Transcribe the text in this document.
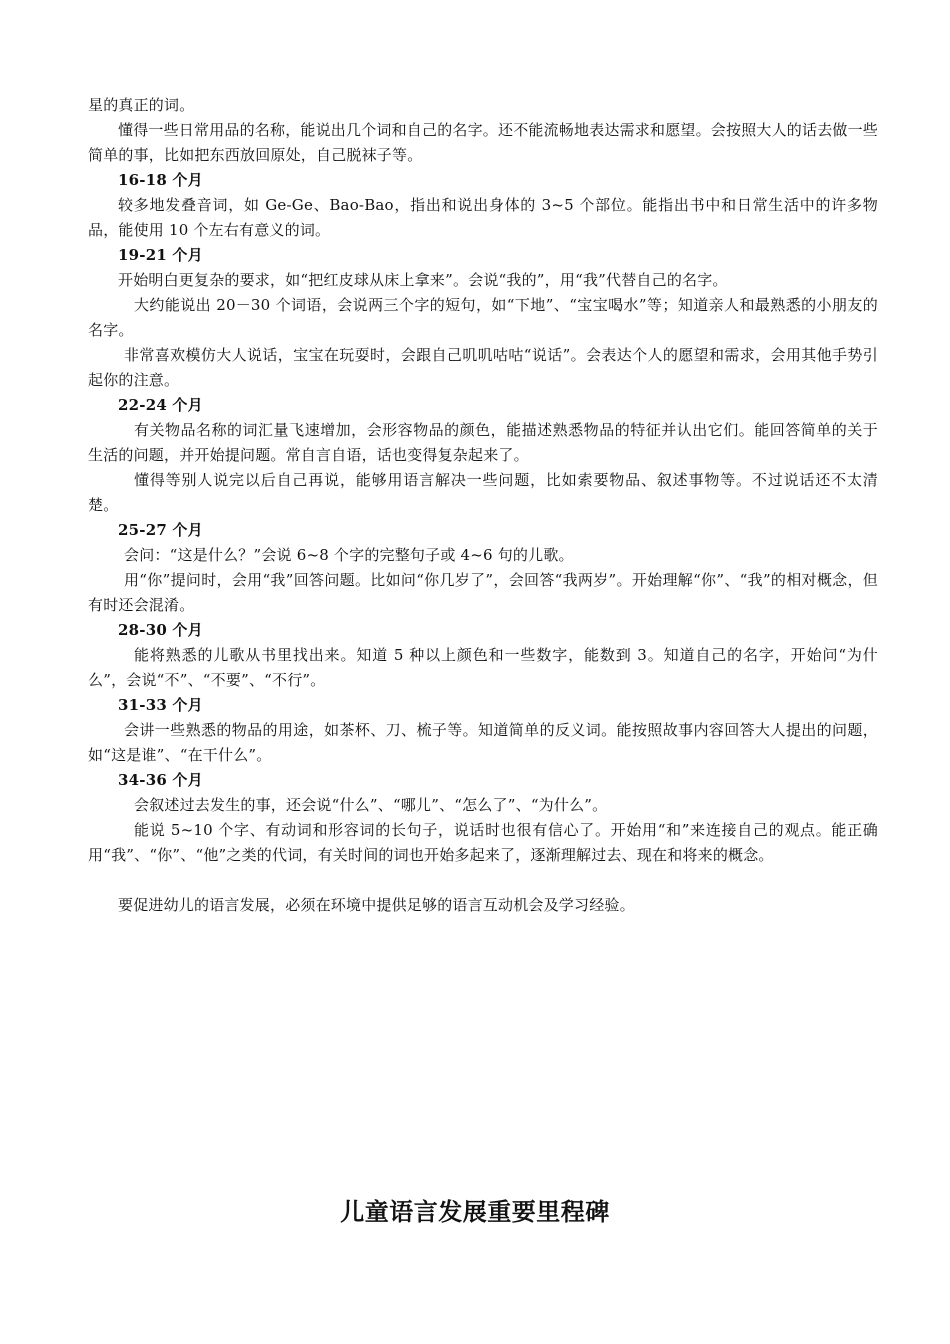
星的真正的词。

懂得一些日常用品的名称，能说出几个词和自己的名字。还不能流畅地表达需求和愿望。会按照大人的话去做一些简单的事，比如把东西放回原处，自己脱袜子等。

16-18 个月

较多地发叠音词，如 Ge-Ge、Bao-Bao，指出和说出身体的 3~5 个部位。能指出书中和日常生活中的许多物品，能使用 10 个左右有意义的词。

19-21 个月

开始明白更复杂的要求，如“把红皮球从床上拿来”。会说“我的”，用“我”代替自己的名字。

大约能说出 20－30 个词语，会说两三个字的短句，如“下地”、“宝宝喝水”等；知道亲人和最熟悉的小朋友的名字。

非常喜欢模仿大人说话，宝宝在玩耍时，会跟自己叽叽咕咕“说话”。会表达个人的愿望和需求，会用其他手势引起你的注意。

22-24 个月

有关物品名称的词汇量飞速增加，会形容物品的颜色，能描述熟悉物品的特征并认出它们。能回答简单的关于生活的问题，并开始提问题。常自言自语，话也变得复杂起来了。

懂得等别人说完以后自己再说，能够用语言解决一些问题，比如索要物品、叙述事物等。不过说话还不太清楚。

25-27 个月

会问：“这是什么？”会说 6~8 个字的完整句子或 4~6 句的儿歌。

用“你”提问时，会用“我”回答问题。比如问“你几岁了”，会回答“我两岁”。开始理解“你”、“我”的相对概念，但有时还会混淆。

28-30 个月

能将熟悉的儿歌从书里找出来。知道 5 种以上颜色和一些数字，能数到 3。知道自己的名字，开始问“为什么”，会说“不”、“不要”、“不行”。

31-33 个月

会讲一些熟悉的物品的用途，如茶杯、刀、梳子等。知道简单的反义词。能按照故事内容回答大人提出的问题，如“这是谁”、“在干什么”。

34-36 个月

会叙述过去发生的事，还会说“什么”、“哪儿”、“怎么了”、“为什么”。

能说 5~10 个字、有动词和形容词的长句子，说话时也很有信心了。开始用“和”来连接自己的观点。能正确用“我”、“你”、“他”之类的代词，有关时间的词也开始多起来了，逐渐理解过去、现在和将来的概念。

要促进幼儿的语言发展，必须在环境中提供足够的语言互动机会及学习经验。

儿童语言发展重要里程碑
